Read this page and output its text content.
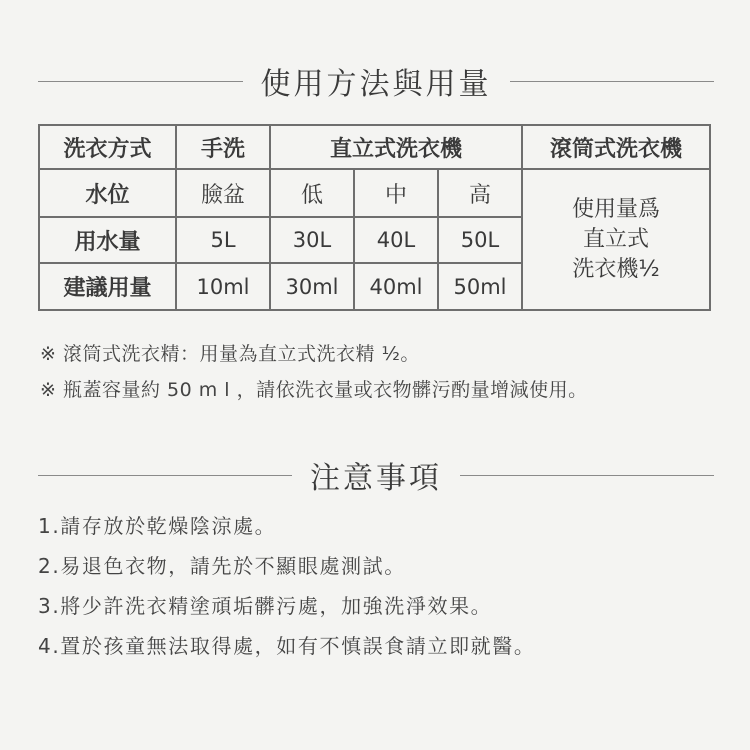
使用方法與用量
洗衣方式	手洗	直立式洗衣機			滾筒式洗衣機
水位	臉盆	低	中	高	使用量爲
直立式
洗衣機½

用水量	5L	30L	40L	50L	
建議用量	10ml	30ml	40ml	50ml	
※ 滾筒式洗衣精：用量為直立式洗衣精 ½。
※ 瓶蓋容量約 50 m l ，請依洗衣量或衣物髒污酌量增減使用。
注意事項
1.請存放於乾燥陰涼處。
2.易退色衣物，請先於不顯眼處測試。
3.將少許洗衣精塗頑垢髒污處，加強洗淨效果。
4.置於孩童無法取得處，如有不慎誤食請立即就醫。
